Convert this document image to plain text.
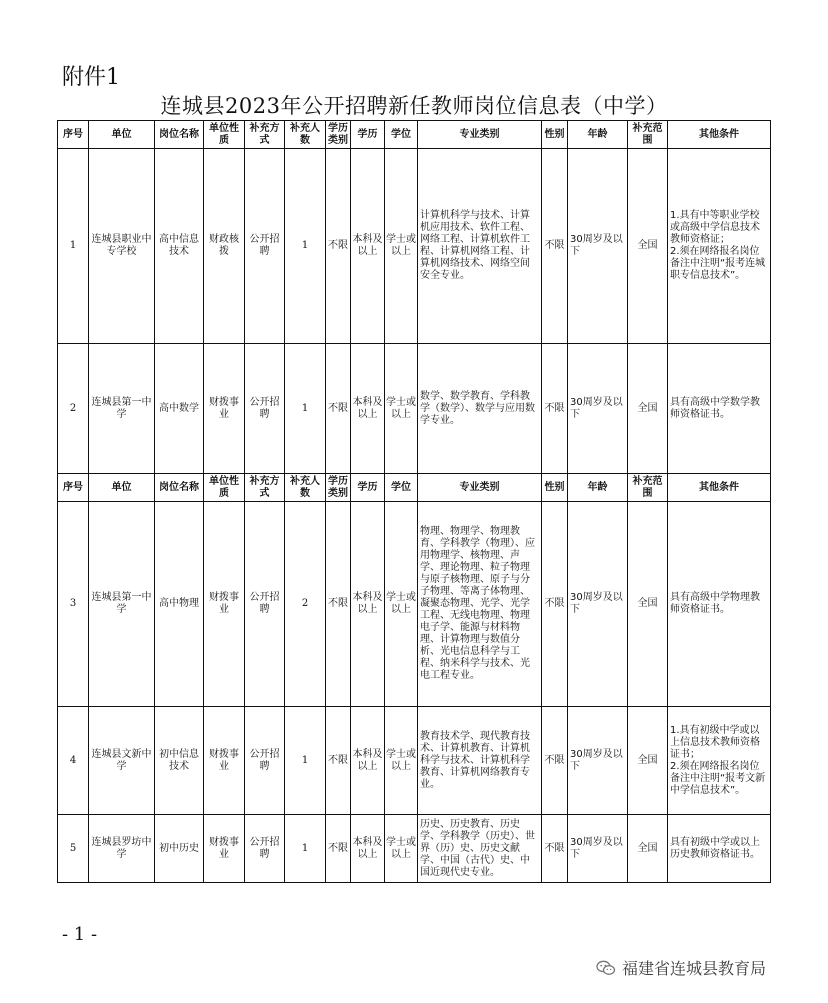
附件1
连城县2023年公开招聘新任教师岗位信息表（中学）
序号	单位	岗位名称	单位性质	补充方式	补充人数	学历类别	学历	学位	专业类别	性别	年龄	补充范围	其他条件
1	连城县职业中专学校	高中信息技术	财政核拨	公开招聘	1	不限	本科及以上	学士或以上	计算机科学与技术、计算机应用技术、软件工程、网络工程、计算机软件工程、计算机网络工程、计算机网络技术、网络空间安全专业。	不限	30周岁及以下	全国	1.具有中等职业学校或高级中学信息技术教师资格证；
2.须在网络报名岗位备注中注明“报考连城职专信息技术”。
2	连城县第一中学	高中数学	财拨事业	公开招聘	1	不限	本科及以上	学士或以上	数学、数学教育、学科教学（数学）、数学与应用数学专业。	不限	30周岁及以下	全国	具有高级中学数学教师资格证书。
序号	单位	岗位名称	单位性质	补充方式	补充人数	学历类别	学历	学位	专业类别	性别	年龄	补充范围	其他条件
3	连城县第一中学	高中物理	财拨事业	公开招聘	2	不限	本科及以上	学士或以上	物理、物理学、物理教育、学科教学（物理）、应用物理学、核物理、声学、理论物理、粒子物理与原子核物理、原子与分子物理、等离子体物理、凝聚态物理、光学、光学工程、无线电物理、物理电子学、能源与材料物理、计算物理与数值分析、光电信息科学与工程、纳米科学与技术、光电工程专业。	不限	30周岁及以下	全国	具有高级中学物理教师资格证书。
4	连城县文新中学	初中信息技术	财拨事业	公开招聘	1	不限	本科及以上	学士或以上	教育技术学、现代教育技术、计算机教育、计算机科学与技术、计算机科学教育、计算机网络教育专业。	不限	30周岁及以下	全国	1.具有初级中学或以上信息技术教师资格证书；
2.须在网络报名岗位备注中注明“报考文新中学信息技术”。
5	连城县罗坊中学	初中历史	财拨事业	公开招聘	1	不限	本科及以上	学士或以上	历史、历史教育、历史学、学科教学（历史）、世界（历）史、历史文献学、中国（古代）史、中国近现代史专业。	不限	30周岁及以下	全国	具有初级中学或以上历史教师资格证书。
- 1 -
福建省连城县教育局
